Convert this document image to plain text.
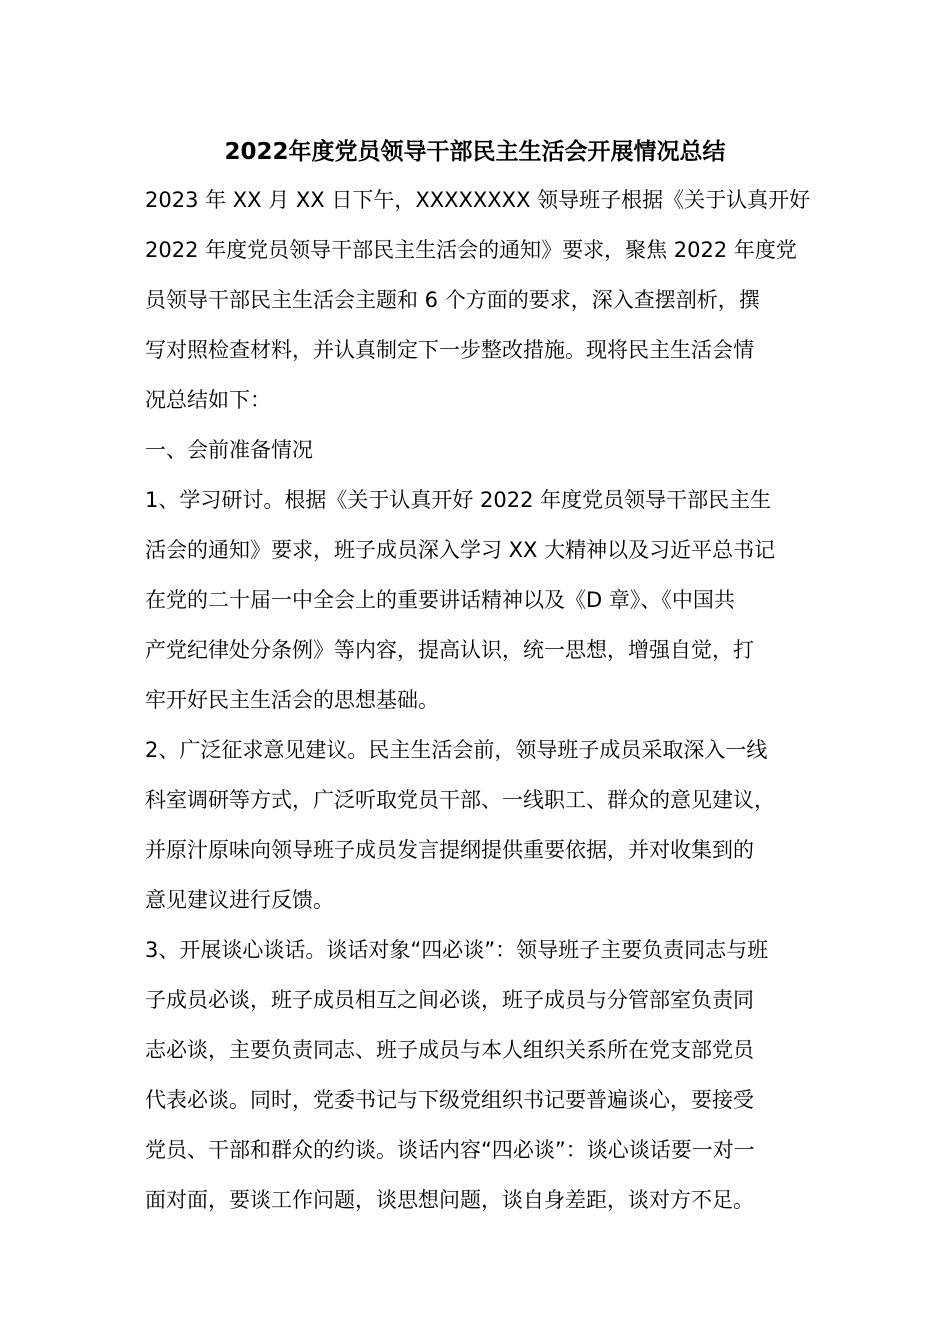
2022年度党员领导干部民主生活会开展情况总结
2023 年 XX 月 XX 日下午，XXXXXXXX 领导班子根据《关于认真开好
2022 年度党员领导干部民主生活会的通知》要求，聚焦 2022 年度党
员领导干部民主生活会主题和 6 个方面的要求，深入查摆剖析，撰
写对照检查材料，并认真制定下一步整改措施。现将民主生活会情
况总结如下：
一、会前准备情况
1、学习研讨。根据《关于认真开好 2022 年度党员领导干部民主生
活会的通知》要求，班子成员深入学习 XX 大精神以及习近平总书记
在党的二十届一中全会上的重要讲话精神以及《D 章》、《中国共
产党纪律处分条例》等内容，提高认识，统一思想，增强自觉，打
牢开好民主生活会的思想基础。
2、广泛征求意见建议。民主生活会前，领导班子成员采取深入一线
科室调研等方式，广泛听取党员干部、一线职工、群众的意见建议，
并原汁原味向领导班子成员发言提纲提供重要依据，并对收集到的
意见建议进行反馈。
3、开展谈心谈话。谈话对象“四必谈”：领导班子主要负责同志与班
子成员必谈，班子成员相互之间必谈，班子成员与分管部室负责同
志必谈，主要负责同志、班子成员与本人组织关系所在党支部党员
代表必谈。同时，党委书记与下级党组织书记要普遍谈心，要接受
党员、干部和群众的约谈。谈话内容“四必谈”：谈心谈话要一对一
面对面，要谈工作问题，谈思想问题，谈自身差距，谈对方不足。
